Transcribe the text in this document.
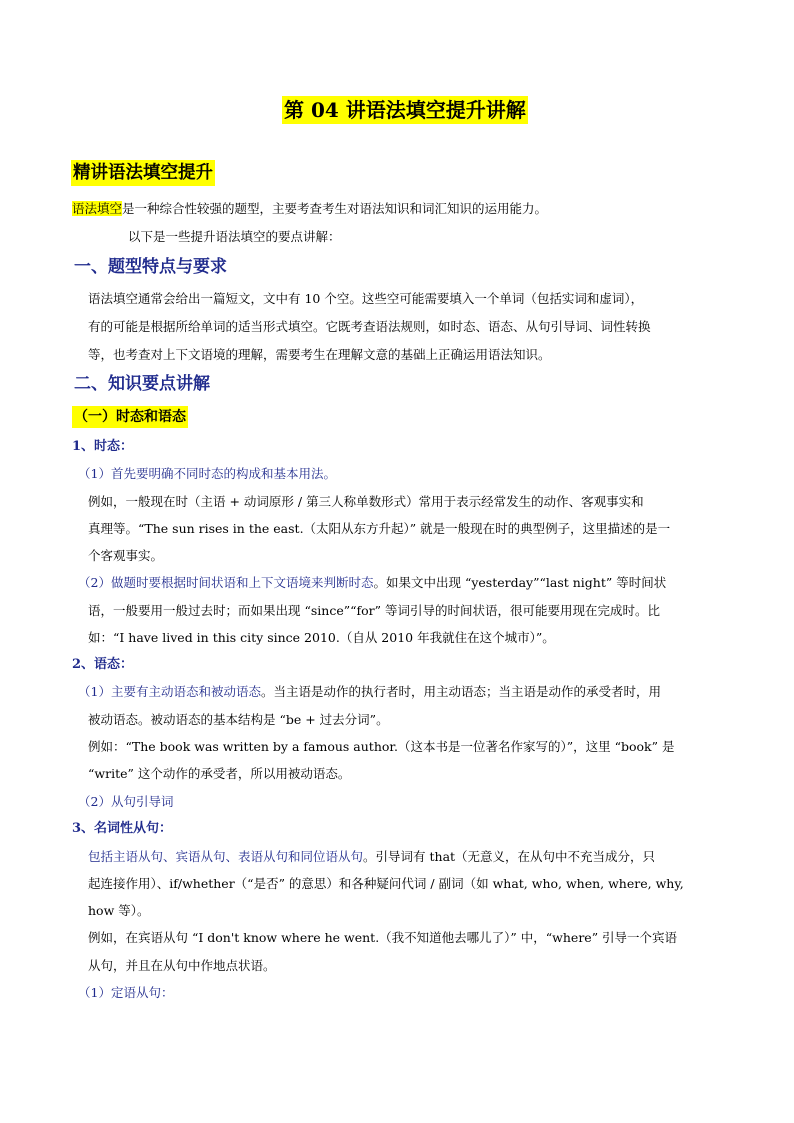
第 04 讲语法填空提升讲解
精讲语法填空提升
语法填空是一种综合性较强的题型，主要考查考生对语法知识和词汇知识的运用能力。
以下是一些提升语法填空的要点讲解：
一、题型特点与要求
语法填空通常会给出一篇短文，文中有 10 个空。这些空可能需要填入一个单词（包括实词和虚词），
有的可能是根据所给单词的适当形式填空。它既考查语法规则，如时态、语态、从句引导词、词性转换
等，也考查对上下文语境的理解，需要考生在理解文意的基础上正确运用语法知识。
二、知识要点讲解
（一）时态和语态
1、时态：
（1）首先要明确不同时态的构成和基本用法。
例如，一般现在时（主语 + 动词原形 / 第三人称单数形式）常用于表示经常发生的动作、客观事实和
真理等。“The sun rises in the east.（太阳从东方升起）” 就是一般现在时的典型例子，这里描述的是一
个客观事实。
（2）做题时要根据时间状语和上下文语境来判断时态。如果文中出现 “yesterday”“last night” 等时间状
语，一般要用一般过去时；而如果出现 “since”“for” 等词引导的时间状语，很可能要用现在完成时。比
如：“I have lived in this city since 2010.（自从 2010 年我就住在这个城市）”。
2、语态：
（1）主要有主动语态和被动语态。当主语是动作的执行者时，用主动语态；当主语是动作的承受者时，用
被动语态。被动语态的基本结构是 “be + 过去分词”。
例如：“The book was written by a famous author.（这本书是一位著名作家写的）”，这里 “book” 是
“write” 这个动作的承受者，所以用被动语态。
（2）从句引导词
3、名词性从句：
包括主语从句、宾语从句、表语从句和同位语从句。引导词有 that（无意义，在从句中不充当成分，只
起连接作用）、if/whether（“是否” 的意思）和各种疑问代词 / 副词（如 what, who, when, where, why,
how 等）。
例如，在宾语从句 “I don't know where he went.（我不知道他去哪儿了）” 中，“where” 引导一个宾语
从句，并且在从句中作地点状语。
（1）定语从句：
